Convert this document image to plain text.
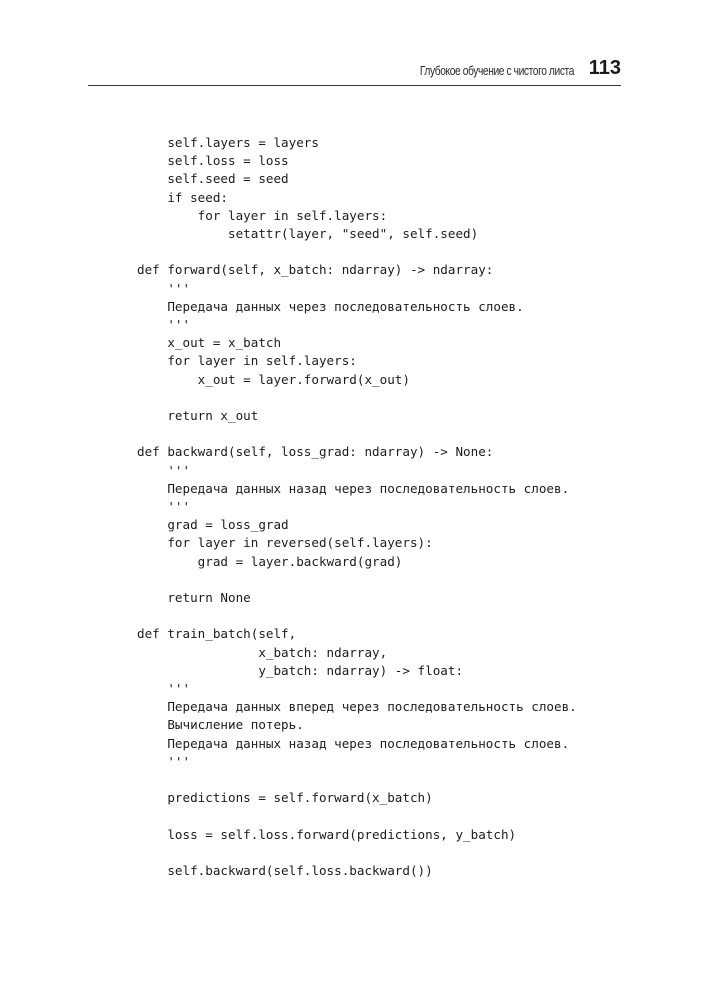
Глубокое обучение с чистого листа 113
self.layers = layers
self.loss = loss
self.seed = seed
if seed:
for layer in self.layers:
setattr(layer, "seed", self.seed)
def forward(self, x_batch: ndarray) -> ndarray:
'''
Передача данных через последовательность слоев.
'''
x_out = x_batch
for layer in self.layers:
x_out = layer.forward(x_out)
return x_out
def backward(self, loss_grad: ndarray) -> None:
'''
Передача данных назад через последовательность слоев.
'''
grad = loss_grad
for layer in reversed(self.layers):
grad = layer.backward(grad)
return None
def train_batch(self,
x_batch: ndarray,
y_batch: ndarray) -> float:
'''
Передача данных вперед через последовательность слоев.
Вычисление потерь.
Передача данных назад через последовательность слоев.
'''
predictions = self.forward(x_batch)
loss = self.loss.forward(predictions, y_batch)
self.backward(self.loss.backward())
